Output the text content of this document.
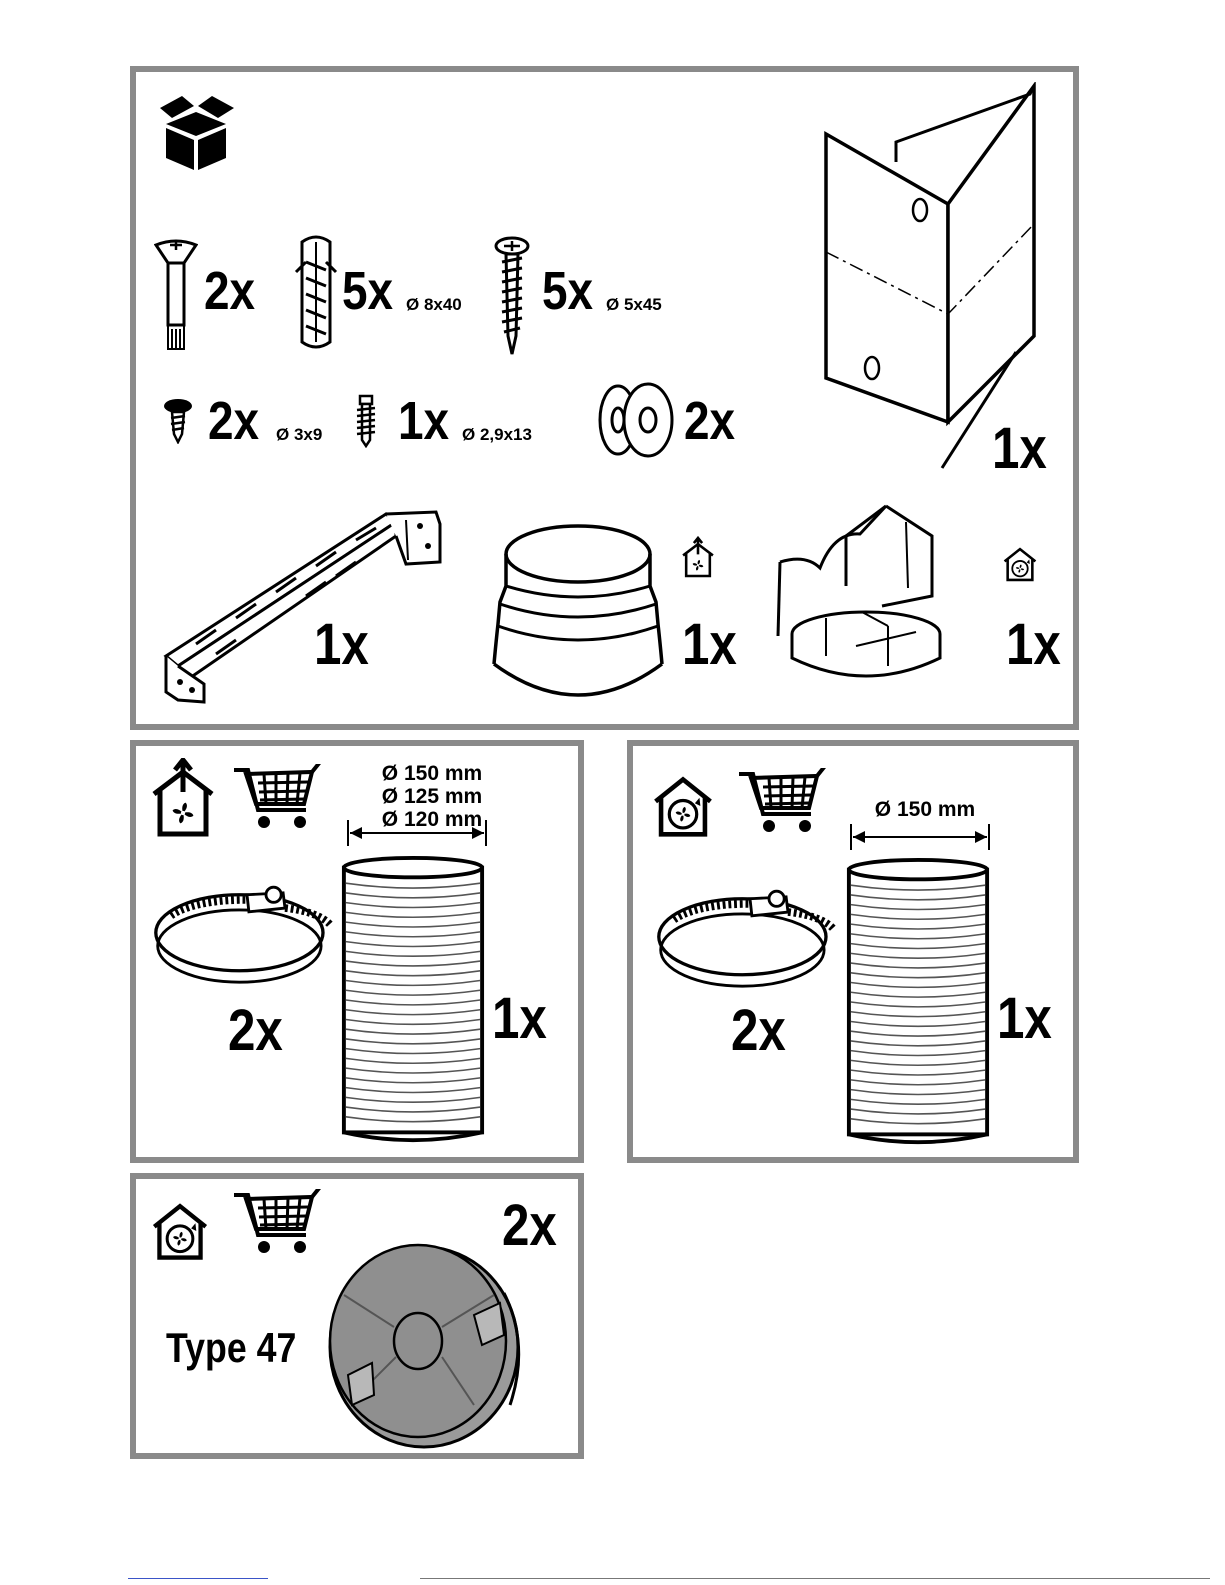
2x 5x Ø 8x40 5x Ø 5x45
2x Ø 3x9 1x Ø 2,9x13	2x	1x
1x	1x	1x
Ø 150 mm
Ø 125 mm
Ø 120 mm
2x	1x
Ø 150 mm
2x	1x
2x
Type 47
